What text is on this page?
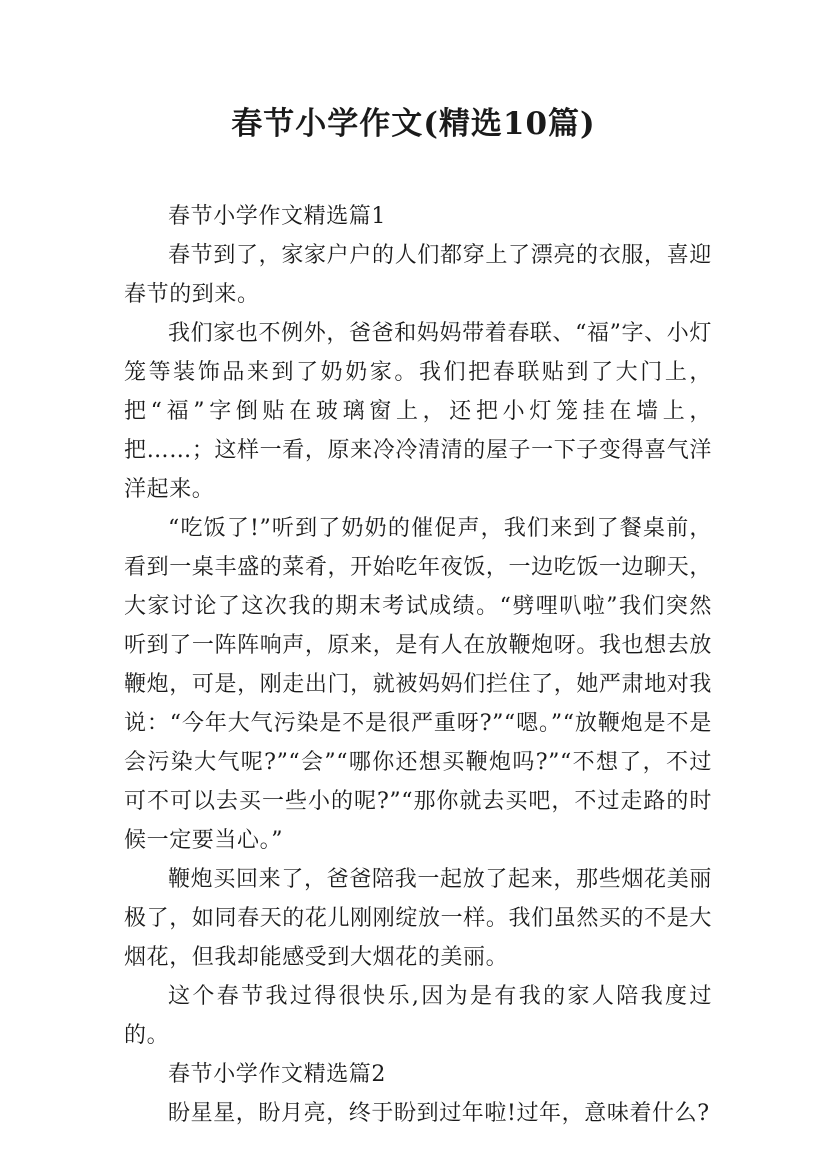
春节小学作文(精选10篇)

春节小学作文精选篇1

春节到了，家家户户的人们都穿上了漂亮的衣服，喜迎春节的到来。

我们家也不例外，爸爸和妈妈带着春联、“福”字、小灯笼等装饰品来到了奶奶家。我们把春联贴到了大门上，把“福”字倒贴在玻璃窗上，还把小灯笼挂在墙上，把……；这样一看，原来冷冷清清的屋子一下子变得喜气洋洋起来。

“吃饭了!”听到了奶奶的催促声，我们来到了餐桌前，看到一桌丰盛的菜肴，开始吃年夜饭，一边吃饭一边聊天，大家讨论了这次我的期末考试成绩。“劈哩叭啦”我们突然听到了一阵阵响声，原来，是有人在放鞭炮呀。我也想去放鞭炮，可是，刚走出门，就被妈妈们拦住了，她严肃地对我说：“今年大气污染是不是很严重呀?”“嗯。”“放鞭炮是不是会污染大气呢?”“会”“哪你还想买鞭炮吗?”“不想了，不过可不可以去买一些小的呢?”“那你就去买吧，不过走路的时候一定要当心。”

鞭炮买回来了，爸爸陪我一起放了起来，那些烟花美丽极了，如同春天的花儿刚刚绽放一样。我们虽然买的不是大烟花，但我却能感受到大烟花的美丽。

这个春节我过得很快乐,因为是有我的家人陪我度过的。

春节小学作文精选篇2

盼星星，盼月亮，终于盼到过年啦!过年，意味着什么?
